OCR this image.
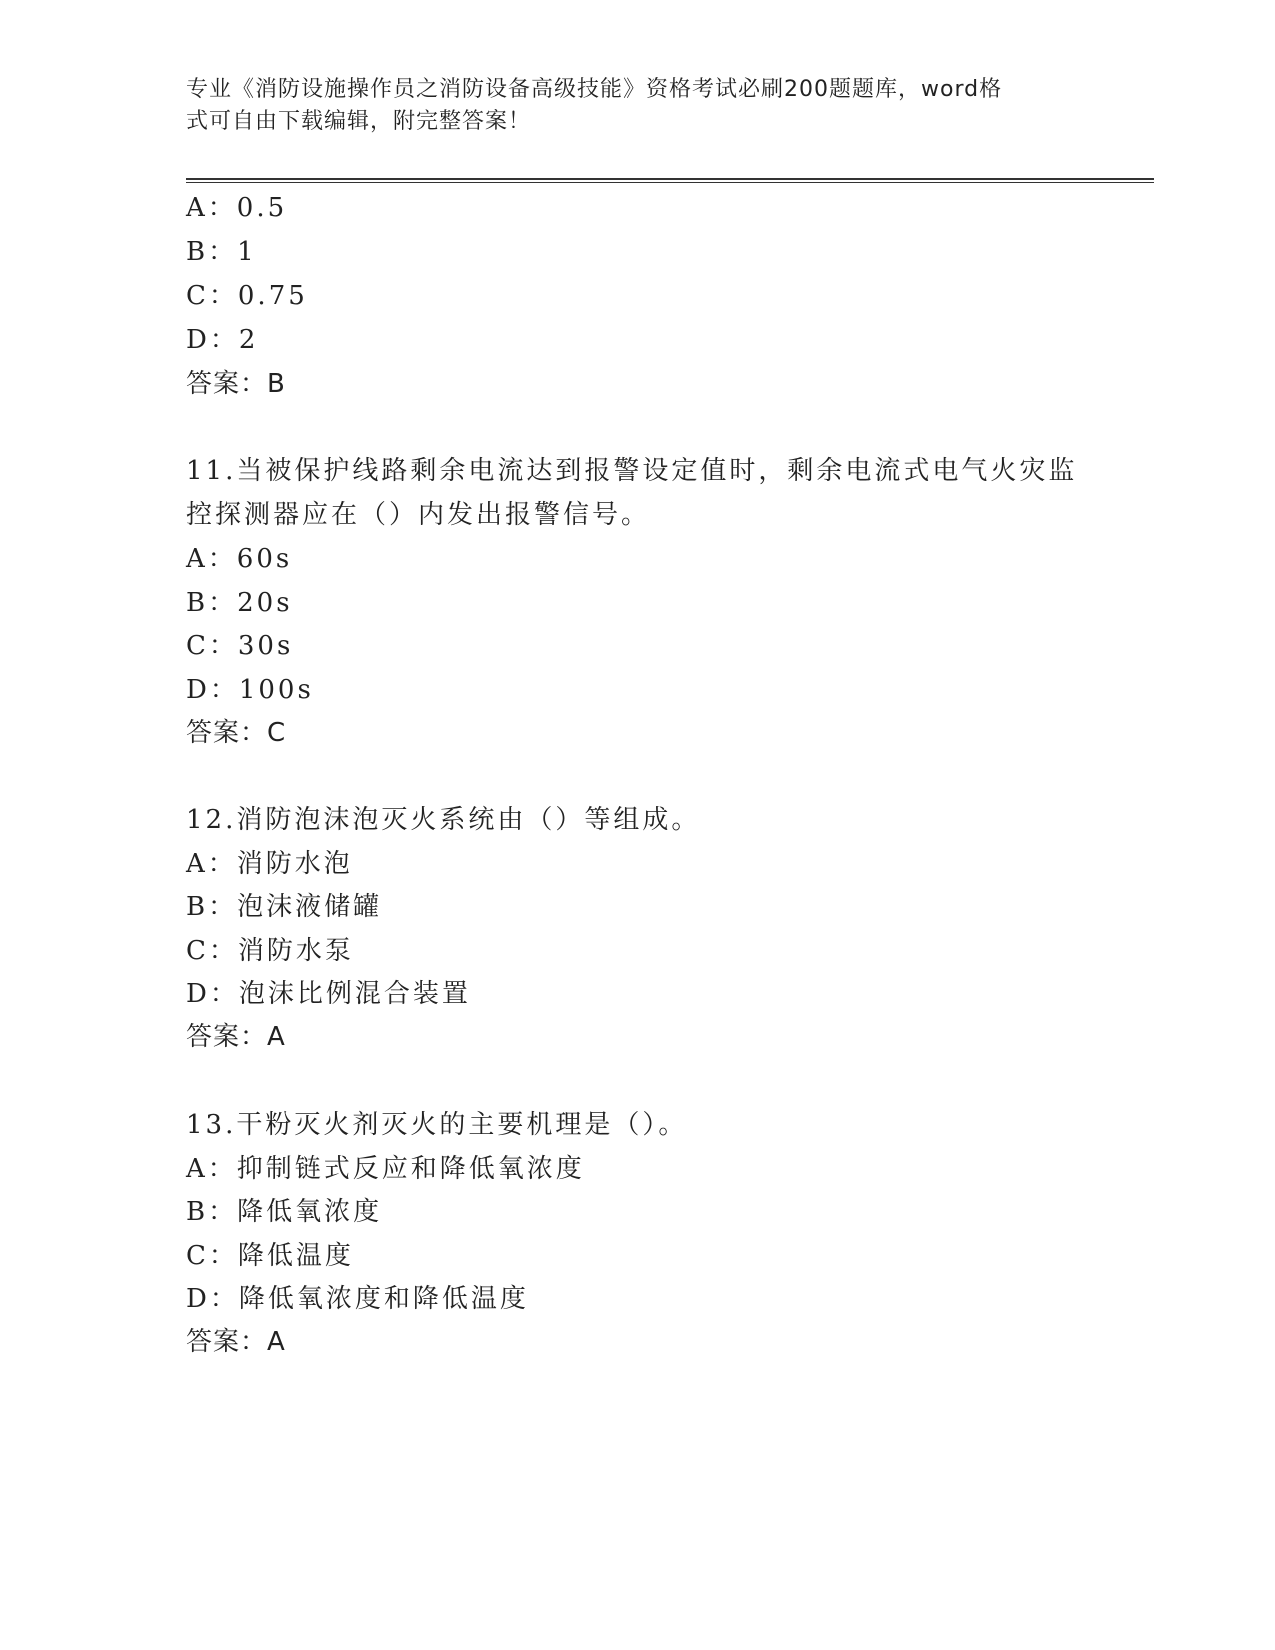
专业《消防设施操作员之消防设备高级技能》资格考试必刷200题题库，word格
式可自由下载编辑，附完整答案！
A：0.5
B：1
C：0.75
D：2
答案：B
11.当被保护线路剩余电流达到报警设定值时，剩余电流式电气火灾监
控探测器应在（）内发出报警信号。
A：60s
B：20s
C：30s
D：100s
答案：C
12.消防泡沫泡灭火系统由（）等组成。
A：消防水泡
B：泡沫液储罐
C：消防水泵
D：泡沫比例混合装置
答案：A
13.干粉灭火剂灭火的主要机理是（）。
A：抑制链式反应和降低氧浓度
B：降低氧浓度
C：降低温度
D：降低氧浓度和降低温度
答案：A
